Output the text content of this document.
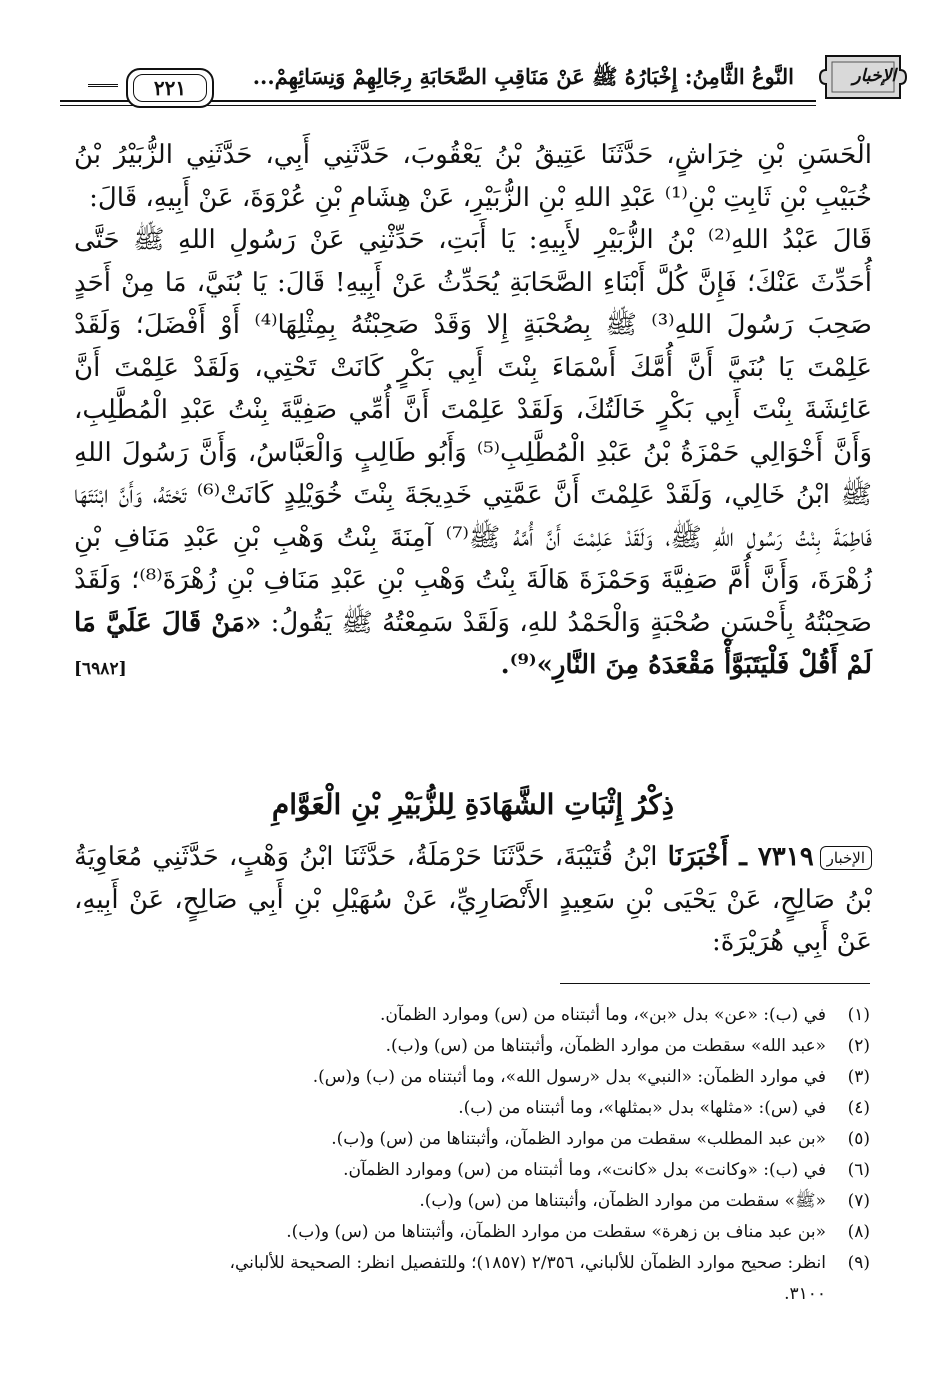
٢٢١	النَّوعُ الثَّامِنُ: إِخْبَارُهُ ﷺ عَنْ مَنَاقِبِ الصَّحَابَةِ رِجَالِهِمْ وَنِسَائِهِمْ...	الإخبار

الْحَسَنِ بْنِ خِرَاشٍ، حَدَّثَنَا عَتِيقُ بْنُ يَعْقُوبَ، حَدَّثَنِي أَبِي، حَدَّثَنِي الزُّبَيْرُ بْنُ خُبَيْبِ بْنِ ثَابِتِ بْنِ⁽¹⁾ عَبْدِ اللهِ بْنِ الزُّبَيْرِ، عَنْ هِشَامِ بْنِ عُرْوَةَ، عَنْ أَبِيهِ، قَالَ:

قَالَ عَبْدُ اللهِ⁽²⁾ بْنُ الزُّبَيْرِ لأَبِيهِ: يَا أَبَتِ، حَدِّثْنِي عَنْ رَسُولِ اللهِ ﷺ حَتَّى أُحَدِّثَ عَنْكَ؛ فَإِنَّ كُلَّ أَبْنَاءِ الصَّحَابَةِ يُحَدِّثُ عَنْ أَبِيهِ! قَالَ: يَا بُنَيَّ، مَا مِنْ أَحَدٍ صَحِبَ رَسُولَ اللهِ⁽³⁾ ﷺ بِصُحْبَةٍ إِلا وَقَدْ صَحِبْتُهُ بِمِثْلِهَا⁽⁴⁾ أَوْ أَفْضَلَ؛ وَلَقَدْ عَلِمْتَ يَا بُنَيَّ أَنَّ أُمَّكَ أَسْمَاءَ بِنْتَ أَبِي بَكْرٍ كَانَتْ تَحْتِي، وَلَقَدْ عَلِمْتَ أَنَّ عَائِشَةَ بِنْتَ أَبِي بَكْرٍ خَالَتُكَ، وَلَقَدْ عَلِمْتَ أَنَّ أُمِّي صَفِيَّةَ بِنْتُ عَبْدِ الْمُطَّلِبِ، وَأَنَّ أَخْوَالِي حَمْزَةُ بْنُ عَبْدِ الْمُطَّلِبِ⁽⁵⁾ وَأَبُو طَالِبٍ وَالْعَبَّاسُ، وَأَنَّ رَسُولَ اللهِ ﷺ ابْنُ خَالِي، وَلَقَدْ عَلِمْتَ أَنَّ عَمَّتِي خَدِيجَةَ بِنْتَ خُوَيْلِدٍ كَانَتْ⁽⁶⁾ تَحْتَهُ، وَأَنَّ ابْنَتَهَا فَاطِمَةَ بِنْتُ رَسُولِ اللهِ ﷺ، وَلَقَدْ عَلِمْتَ أَنَّ أُمَّهُ ﷺ⁽⁷⁾ آمِنَةَ بِنْتُ وَهْبِ بْنِ عَبْدِ مَنَافِ بْنِ زُهْرَةَ، وَأَنَّ أُمَّ صَفِيَّةَ وَحَمْزَةَ هَالَةَ بِنْتُ وَهْبِ بْنِ عَبْدِ مَنَافِ بْنِ زُهْرَةَ⁽⁸⁾؛ وَلَقَدْ صَحِبْتُهُ بِأَحْسَنِ صُحْبَةٍ وَالْحَمْدُ للهِ، وَلَقَدْ سَمِعْتُهُ ﷺ يَقُولُ: «مَنْ قَالَ عَلَيَّ مَا لَمْ أَقُلْ فَلْيَتَبَوَّأْ مَقْعَدَهُ مِنَ النَّارِ»⁽⁹⁾.
[٦٩٨٢]

ذِكْرُ إِثْبَاتِ الشَّهَادَةِ لِلزُّبَيْرِ بْنِ الْعَوَّامِ
الإخبار٧٣١٩ ـ أَخْبَرَنَا ابْنُ قُتَيْبَةَ، حَدَّثَنَا حَرْمَلَةُ، حَدَّثَنَا ابْنُ وَهْبٍ، حَدَّثَنِي مُعَاوِيَةُ بْنُ صَالِحٍ، عَنْ يَحْيَى بْنِ سَعِيدٍ الأَنْصَارِيِّ، عَنْ سُهَيْلِ بْنِ أَبِي صَالِحٍ، عَنْ أَبِيهِ، عَنْ أَبِي هُرَيْرَةَ:
(١)
في (ب): «عن» بدل «بن»، وما أثبتناه من (س) وموارد الظمآن.
(٢)
«عبد الله» سقطت من موارد الظمآن، وأثبتناها من (س) و(ب).
(٣)
في موارد الظمآن: «النبي» بدل «رسول الله»، وما أثبتناه من (ب) و(س).
(٤)
في (س): «مثلها» بدل «بمثلها»، وما أثبتناه من (ب).
(٥)
«بن عبد المطلب» سقطت من موارد الظمآن، وأثبتناها من (س) و(ب).
(٦)
في (ب): «وكانت» بدل «كانت»، وما أثبتناه من (س) وموارد الظمآن.
(٧)
«ﷺ» سقطت من موارد الظمآن، وأثبتناها من (س) و(ب).
(٨)
«بن عبد مناف بن زهرة» سقطت من موارد الظمآن، وأثبتناها من (س) و(ب).
(٩)
انظر: صحيح موارد الظمآن للألباني، ٢/٣٥٦ (١٨٥٧)؛ وللتفصيل انظر: الصحيحة للألباني،
٣١٠٠.
